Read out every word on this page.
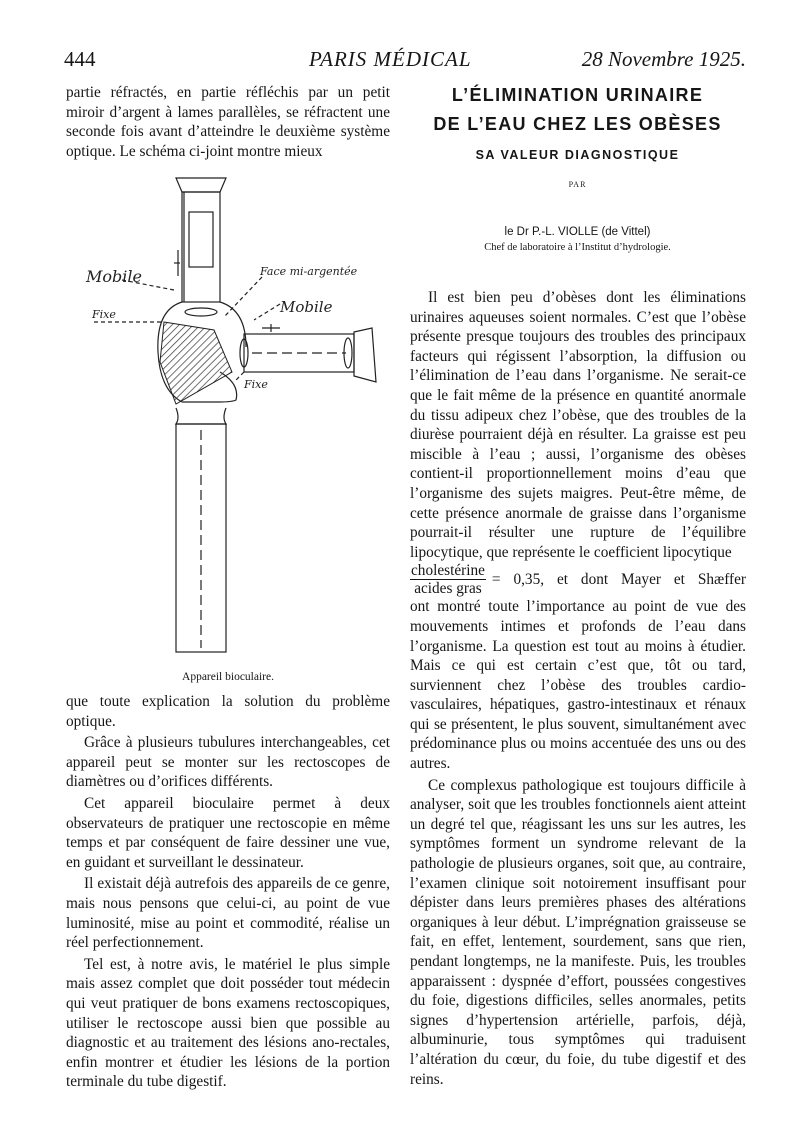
444	PARIS MÉDICAL	28 Novembre 1925.

partie réfractés, en partie réfléchis par un petit miroir d’argent à lames parallèles, se réfractent une seconde fois avant d’atteindre le deuxième système optique. Le schéma ci-joint montre mieux

Mobile	Face mi-argentée
Mobile
Fixe
Fixe
Appareil bioculaire.

que toute explication la solution du problème optique.

Grâce à plusieurs tubulures interchangeables, cet appareil peut se monter sur les rectoscopes de diamètres ou d’orifices différents.

Cet appareil bioculaire permet à deux observateurs de pratiquer une rectoscopie en même temps et par conséquent de faire dessiner une vue, en guidant et surveillant le dessinateur.

Il existait déjà autrefois des appareils de ce genre, mais nous pensons que celui-ci, au point de vue luminosité, mise au point et commodité, réalise un réel perfectionnement.

Tel est, à notre avis, le matériel le plus simple mais assez complet que doit posséder tout médecin qui veut pratiquer de bons examens rectoscopiques, utiliser le rectoscope aussi bien que possible au diagnostic et au traitement des lésions ano-rectales, enfin montrer et étudier les lésions de la portion terminale du tube digestif.

L’ÉLIMINATION URINAIRE
DE L’EAU CHEZ LES OBÈSES
SA VALEUR DIAGNOSTIQUE
PAR
le Dr P.-L. VIOLLE (de Vittel)
Chef de laboratoire à l’Institut d’hydrologie.

Il est bien peu d’obèses dont les éliminations urinaires aqueuses soient normales. C’est que l’obèse présente presque toujours des troubles des principaux facteurs qui régissent l’absorption, la diffusion ou l’élimination de l’eau dans l’organisme. Ne serait-ce que le fait même de la présence en quantité anormale du tissu adipeux chez l’obèse, que des troubles de la diurèse pourraient déjà en résulter. La graisse est peu miscible à l’eau ; aussi, l’organisme des obèses contient-il proportionnellement moins d’eau que l’organisme des sujets maigres. Peut-être même, de cette présence anormale de graisse dans l’organisme pourrait-il résulter une rupture de l’équilibre lipocytique, que représente le coefficient lipocytique

$\frac{\text{cholestérine}}{\text{acides gras}} = 0,35$, et dont Mayer et Shæffer

ont montré toute l’importance au point de vue des mouvements intimes et profonds de l’eau dans l’organisme. La question est tout au moins à étudier. Mais ce qui est certain c’est que, tôt ou tard, surviennent chez l’obèse des troubles cardio-vasculaires, hépatiques, gastro-intestinaux et rénaux qui se présentent, le plus souvent, simultanément avec prédominance plus ou moins accentuée des uns ou des autres.

Ce complexus pathologique est toujours difficile à analyser, soit que les troubles fonctionnels aient atteint un degré tel que, réagissant les uns sur les autres, les symptômes forment un syndrome relevant de la pathologie de plusieurs organes, soit que, au contraire, l’examen clinique soit notoirement insuffisant pour dépister dans leurs premières phases des altérations organiques à leur début. L’imprégnation graisseuse se fait, en effet, lentement, sourdement, sans que rien, pendant longtemps, ne la manifeste. Puis, les troubles apparaissent : dyspnée d’effort, poussées congestives du foie, digestions difficiles, selles anormales, petits signes d’hypertension artérielle, parfois, déjà, albuminurie, tous symptômes qui traduisent l’altération du cœur, du foie, du tube digestif et des reins.
